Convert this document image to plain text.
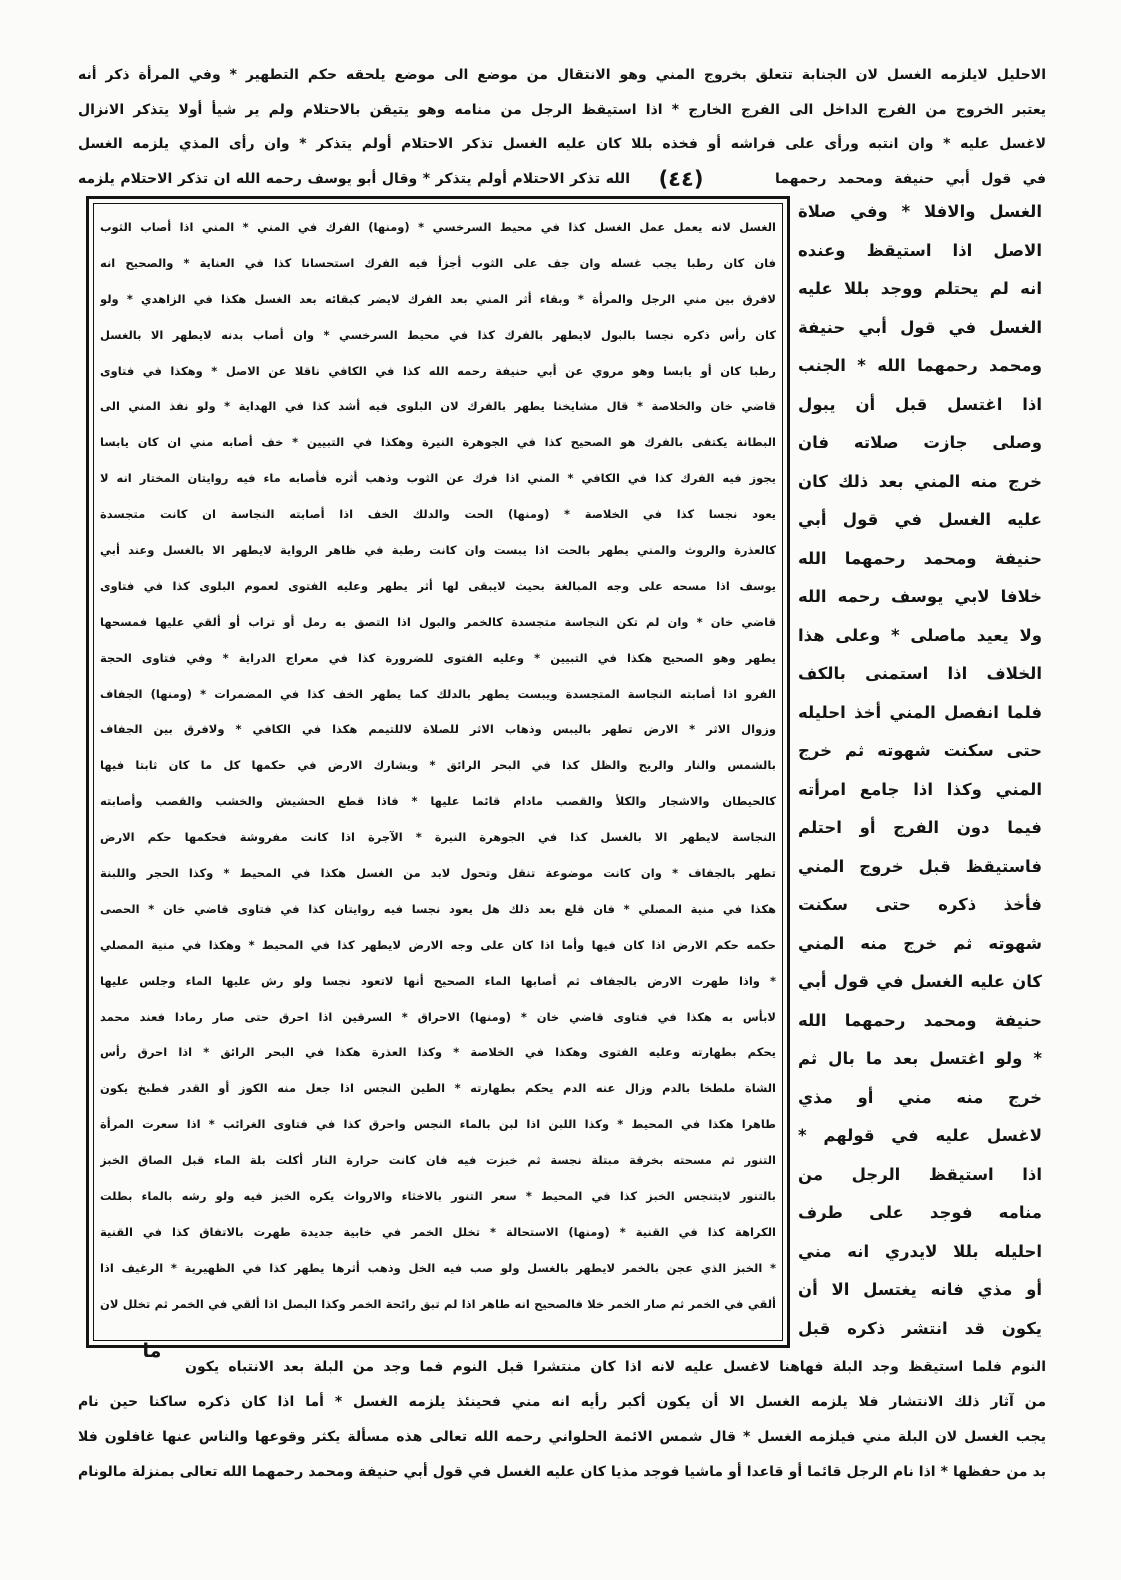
الاحليل لايلزمه الغسل لان الجنابة تتعلق بخروج المني وهو الانتقال من موضع الى موضع يلحقه حكم التطهير * وفي المرأة ذكر أنه
يعتبر الخروج من الفرج الداخل الى الفرج الخارج * اذا استيقظ الرجل من منامه وهو يتيقن بالاحتلام ولم ير شيأ أولا يتذكر الانزال
لاغسل عليه * وان انتبه ورأى على فراشه أو فخذه بللا كان عليه الغسل تذكر الاحتلام أولم يتذكر * وان رأى المذي يلزمه الغسل
في قول أبي حنيفة ومحمد رحمهما
(٤٤)
الله تذكر الاحتلام أولم يتذكر * وقال أبو يوسف رحمه الله ان تذكر الاحتلام يلزمه
الغسل لانه يعمل عمل الغسل كذا في محيط السرخسي * (ومنها) الفرك في المني * المني اذا أصاب الثوب
فان كان رطبا يجب غسله وان جف على الثوب أجزأ فيه الفرك استحسانا كذا في العناية * والصحيح انه
لافرق بين مني الرجل والمرأة * وبقاء أثر المني بعد الفرك لايضر كبقائه بعد الغسل هكذا في الزاهدي * ولو
كان رأس ذكره نجسا بالبول لايطهر بالفرك كذا في محيط السرخسي * وان أصاب بدنه لايطهر الا بالغسل
رطبا كان أو يابسا وهو مروي عن أبي حنيفة رحمه الله كذا في الكافي ناقلا عن الاصل * وهكذا في فتاوى
قاضي خان والخلاصة * قال مشايخنا يطهر بالفرك لان البلوى فيه أشد كذا في الهداية * ولو نفذ المني الى
البطانة يكتفى بالفرك هو الصحيح كذا في الجوهرة النيرة وهكذا في التبيين * خف أصابه مني ان كان يابسا
يجوز فيه الفرك كذا في الكافي * المني اذا فرك عن الثوب وذهب أثره فأصابه ماء فيه روايتان المختار انه لا
يعود نجسا كذا في الخلاصة * (ومنها) الحت والدلك الخف اذا أصابته النجاسة ان كانت متجسدة
كالعذرة والروث والمني يطهر بالحت اذا يبست وان كانت رطبة في ظاهر الرواية لايطهر الا بالغسل وعند أبي
يوسف اذا مسحه على وجه المبالغة بحيث لايبقى لها أثر يطهر وعليه الفتوى لعموم البلوى كذا في فتاوى
قاضي خان * وان لم تكن النجاسة متجسدة كالخمر والبول اذا التصق به رمل أو تراب أو ألقي عليها فمسحها
يطهر وهو الصحيح هكذا في التبيين * وعليه الفتوى للضرورة كذا في معراج الدراية * وفي فتاوى الحجة
الفرو اذا أصابته النجاسة المتجسدة ويبست يطهر بالدلك كما يطهر الخف كذا في المضمرات * (ومنها) الجفاف
وزوال الاثر * الارض تطهر باليبس وذهاب الاثر للصلاة لاللتيمم هكذا في الكافي * ولافرق بين الجفاف
بالشمس والنار والريح والظل كذا في البحر الرائق * ويشارك الارض في حكمها كل ما كان ثابتا فيها
كالحيطان والاشجار والكلأ والقصب مادام قائما عليها * فاذا قطع الحشيش والخشب والقصب وأصابته
النجاسة لايطهر الا بالغسل كذا في الجوهرة النيرة * الآجرة اذا كانت مفروشة فحكمها حكم الارض
تطهر بالجفاف * وان كانت موضوعة تنقل وتحول لابد من الغسل هكذا في المحيط * وكذا الحجر واللبنة
هكذا في منية المصلي * فان قلع بعد ذلك هل يعود نجسا فيه روايتان كذا في فتاوى قاضي خان * الحصى
حكمه حكم الارض اذا كان فيها وأما اذا كان على وجه الارض لايطهر كذا في المحيط * وهكذا في منية المصلي
* واذا طهرت الارض بالجفاف ثم أصابها الماء الصحيح أنها لاتعود نجسا ولو رش عليها الماء وجلس عليها
لابأس به هكذا في فتاوى قاضي خان * (ومنها) الاحراق * السرقين اذا احرق حتى صار رمادا فعند محمد
يحكم بطهارته وعليه الفتوى وهكذا في الخلاصة * وكذا العذرة هكذا في البحر الرائق * اذا احرق رأس
الشاة ملطخا بالدم وزال عنه الدم يحكم بطهارته * الطين النجس اذا جعل منه الكوز أو القدر فطبخ يكون
طاهرا هكذا في المحيط * وكذا اللبن اذا لبن بالماء النجس واحرق كذا في فتاوى الغرائب * اذا سعرت المرأة
التنور ثم مسحته بخرقة مبتلة نجسة ثم خبزت فيه فان كانت حرارة النار أكلت بلة الماء قبل الصاق الخبز
بالتنور لايتنجس الخبز كذا في المحيط * سعر التنور بالاخثاء والارواث يكره الخبز فيه ولو رشه بالماء بطلت
الكراهة كذا في القنية * (ومنها) الاستحالة * تخلل الخمر في خابية جديدة طهرت بالاتفاق كذا في القنية
* الخبز الذي عجن بالخمر لايطهر بالغسل ولو صب فيه الخل وذهب أثرها يطهر كذا في الظهيرية * الرغيف اذا
ألقي في الخمر ثم صار الخمر خلا فالصحيح انه طاهر اذا لم تبق رائحة الخمر وكذا البصل اذا ألقي في الخمر ثم تخلل لان
الغسل والافلا * وفي صلاة
الاصل اذا استيقظ وعنده
انه لم يحتلم ووجد بللا عليه
الغسل في قول أبي حنيفة
ومحمد رحمهما الله * الجنب
اذا اغتسل قبل أن يبول
وصلى جازت صلاته فان
خرج منه المني بعد ذلك كان
عليه الغسل في قول أبي
حنيفة ومحمد رحمهما الله
خلافا لابي يوسف رحمه الله
ولا يعيد ماصلى * وعلى هذا
الخلاف اذا استمنى بالكف
فلما انفصل المني أخذ احليله
حتى سكنت شهوته ثم خرج
المني وكذا اذا جامع امرأته
فيما دون الفرج أو احتلم
فاستيقظ قبل خروج المني
فأخذ ذكره حتى سكنت
شهوته ثم خرج منه المني
كان عليه الغسل في قول أبي
حنيفة ومحمد رحمهما الله
* ولو اغتسل بعد ما بال ثم
خرج منه مني أو مذي
لاغسل عليه في قولهم *
اذا استيقظ الرجل من
منامه فوجد على طرف
احليله بللا لايدري انه مني
أو مذي فانه يغتسل الا أن
يكون قد انتشر ذكره قبل
ما
النوم فلما استيقظ وجد البلة فهاهنا لاغسل عليه لانه اذا كان منتشرا قبل النوم فما وجد من البلة بعد الانتباه يكون
من آثار ذلك الانتشار فلا يلزمه الغسل الا أن يكون أكبر رأيه انه مني فحينئذ يلزمه الغسل * أما اذا كان ذكره ساكنا حين نام
يجب الغسل لان البلة مني فيلزمه الغسل * قال شمس الائمة الحلواني رحمه الله تعالى هذه مسألة يكثر وقوعها والناس عنها غافلون فلا
بد من حفظها * اذا نام الرجل قائما أو قاعدا أو ماشيا فوجد مذيا كان عليه الغسل في قول أبي حنيفة ومحمد رحمهما الله تعالى بمنزلة مالونام
